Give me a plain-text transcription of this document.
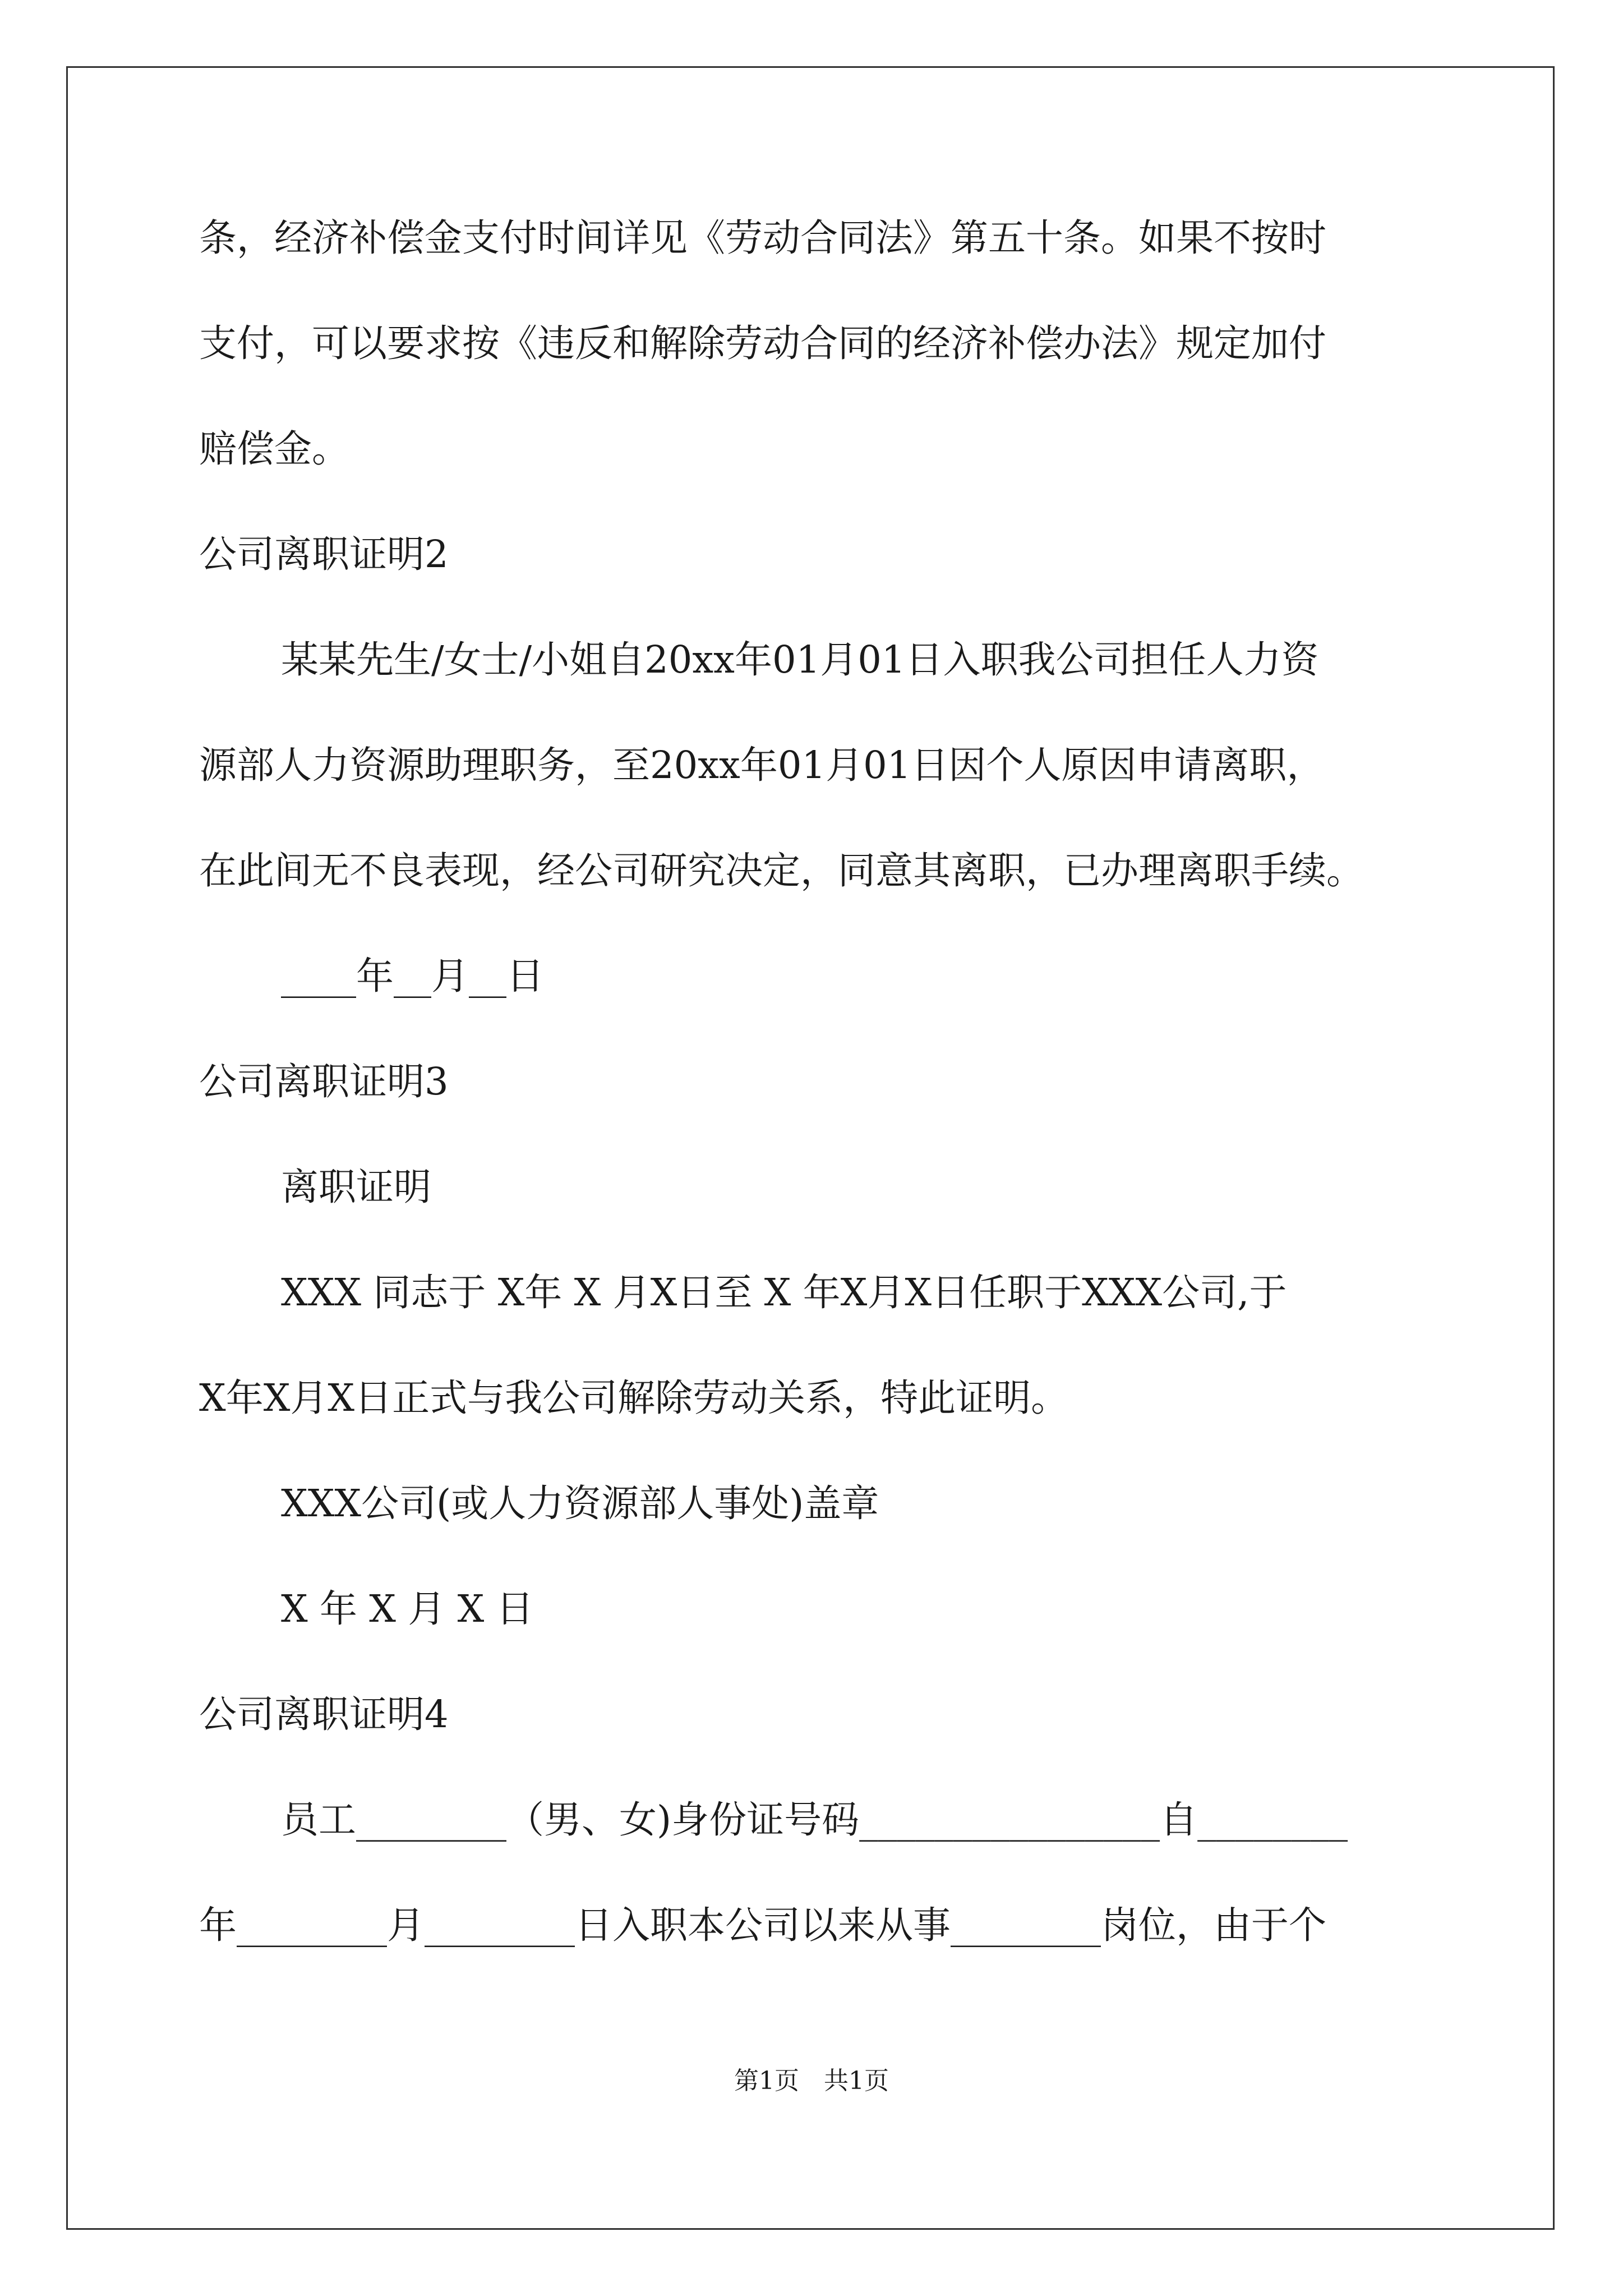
条，经济补偿金支付时间详见《劳动合同法》第五十条。如果不按时
支付，可以要求按《违反和解除劳动合同的经济补偿办法》规定加付
赔偿金。
公司离职证明2
某某先生/女士/小姐自20xx年01月01日入职我公司担任人力资
源部人力资源助理职务，至20xx年01月01日因个人原因申请离职，
在此间无不良表现，经公司研究决定，同意其离职，已办理离职手续。
____年__月__日
公司离职证明3
离职证明
XXX 同志于 X年 X 月X日至 X 年X月X日任职于XXX公司,于
X年X月X日正式与我公司解除劳动关系，特此证明。
XXX公司(或人力资源部人事处)盖章
X 年 X 月 X 日
公司离职证明4
员工________（男、女)身份证号码________________自________
年________月________日入职本公司以来从事________岗位，由于个
第1页　共1页
